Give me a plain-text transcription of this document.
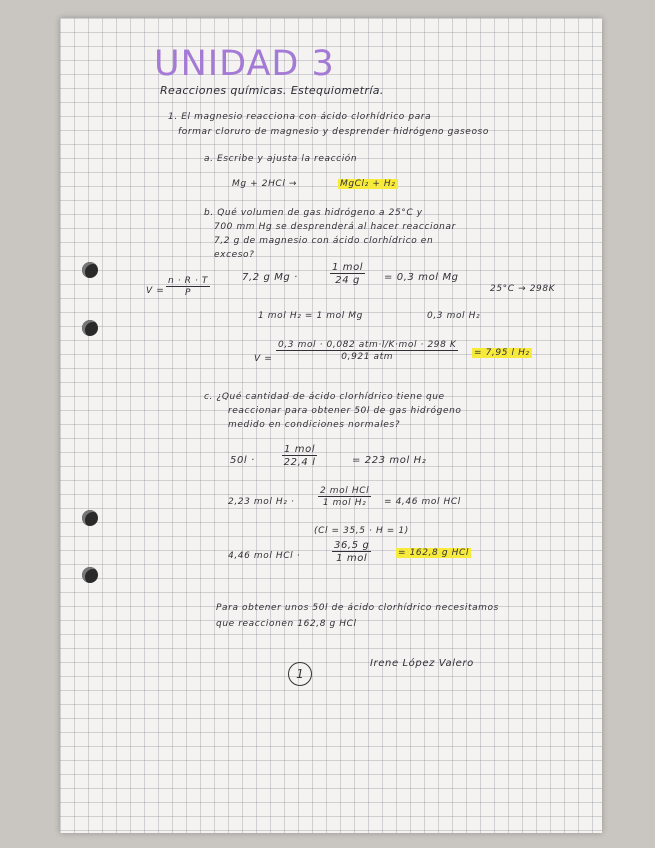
UNIDAD 3
Reacciones químicas. Estequiometría.
1. El magnesio reacciona con ácido clorhídrico para
formar cloruro de magnesio y desprender hidrógeno gaseoso
a. Escribe y ajusta la reacción
Mg + 2HCl →	MgCl₂ + H₂
b. Qué volumen de gas hidrógeno a 25°C y
700 mm Hg se desprenderá al hacer reaccionar
7,2 g de magnesio con ácido clorhídrico en
exceso?
$V = \frac{n \cdot R \cdot T}{P}$	7,2 g Mg ·
1 mol
24 g	= 0,3 mol Mg
25°C → 298K
1 mol H₂ = 1 mol Mg	0,3 mol H₂
V =
0,3 mol · 0,082 atm·l/K·mol · 298 K
0,921 atm	= 7,95 l H₂
c. ¿Qué cantidad de ácido clorhídrico tiene que
reaccionar para obtener 50l de gas hidrógeno
medido en condiciones normales?
50l ·
1 mol
22,4 l	= 223 mol H₂
2,23 mol H₂ ·
2 mol HCl
1 mol H₂	= 4,46 mol HCl
(Cl = 35,5 · H = 1)
4,46 mol HCl ·
36,5 g
1 mol	= 162,8 g HCl
Para obtener unos 50l de ácido clorhídrico necesitamos
que reaccionen 162,8 g HCl
1
Irene López Valero
